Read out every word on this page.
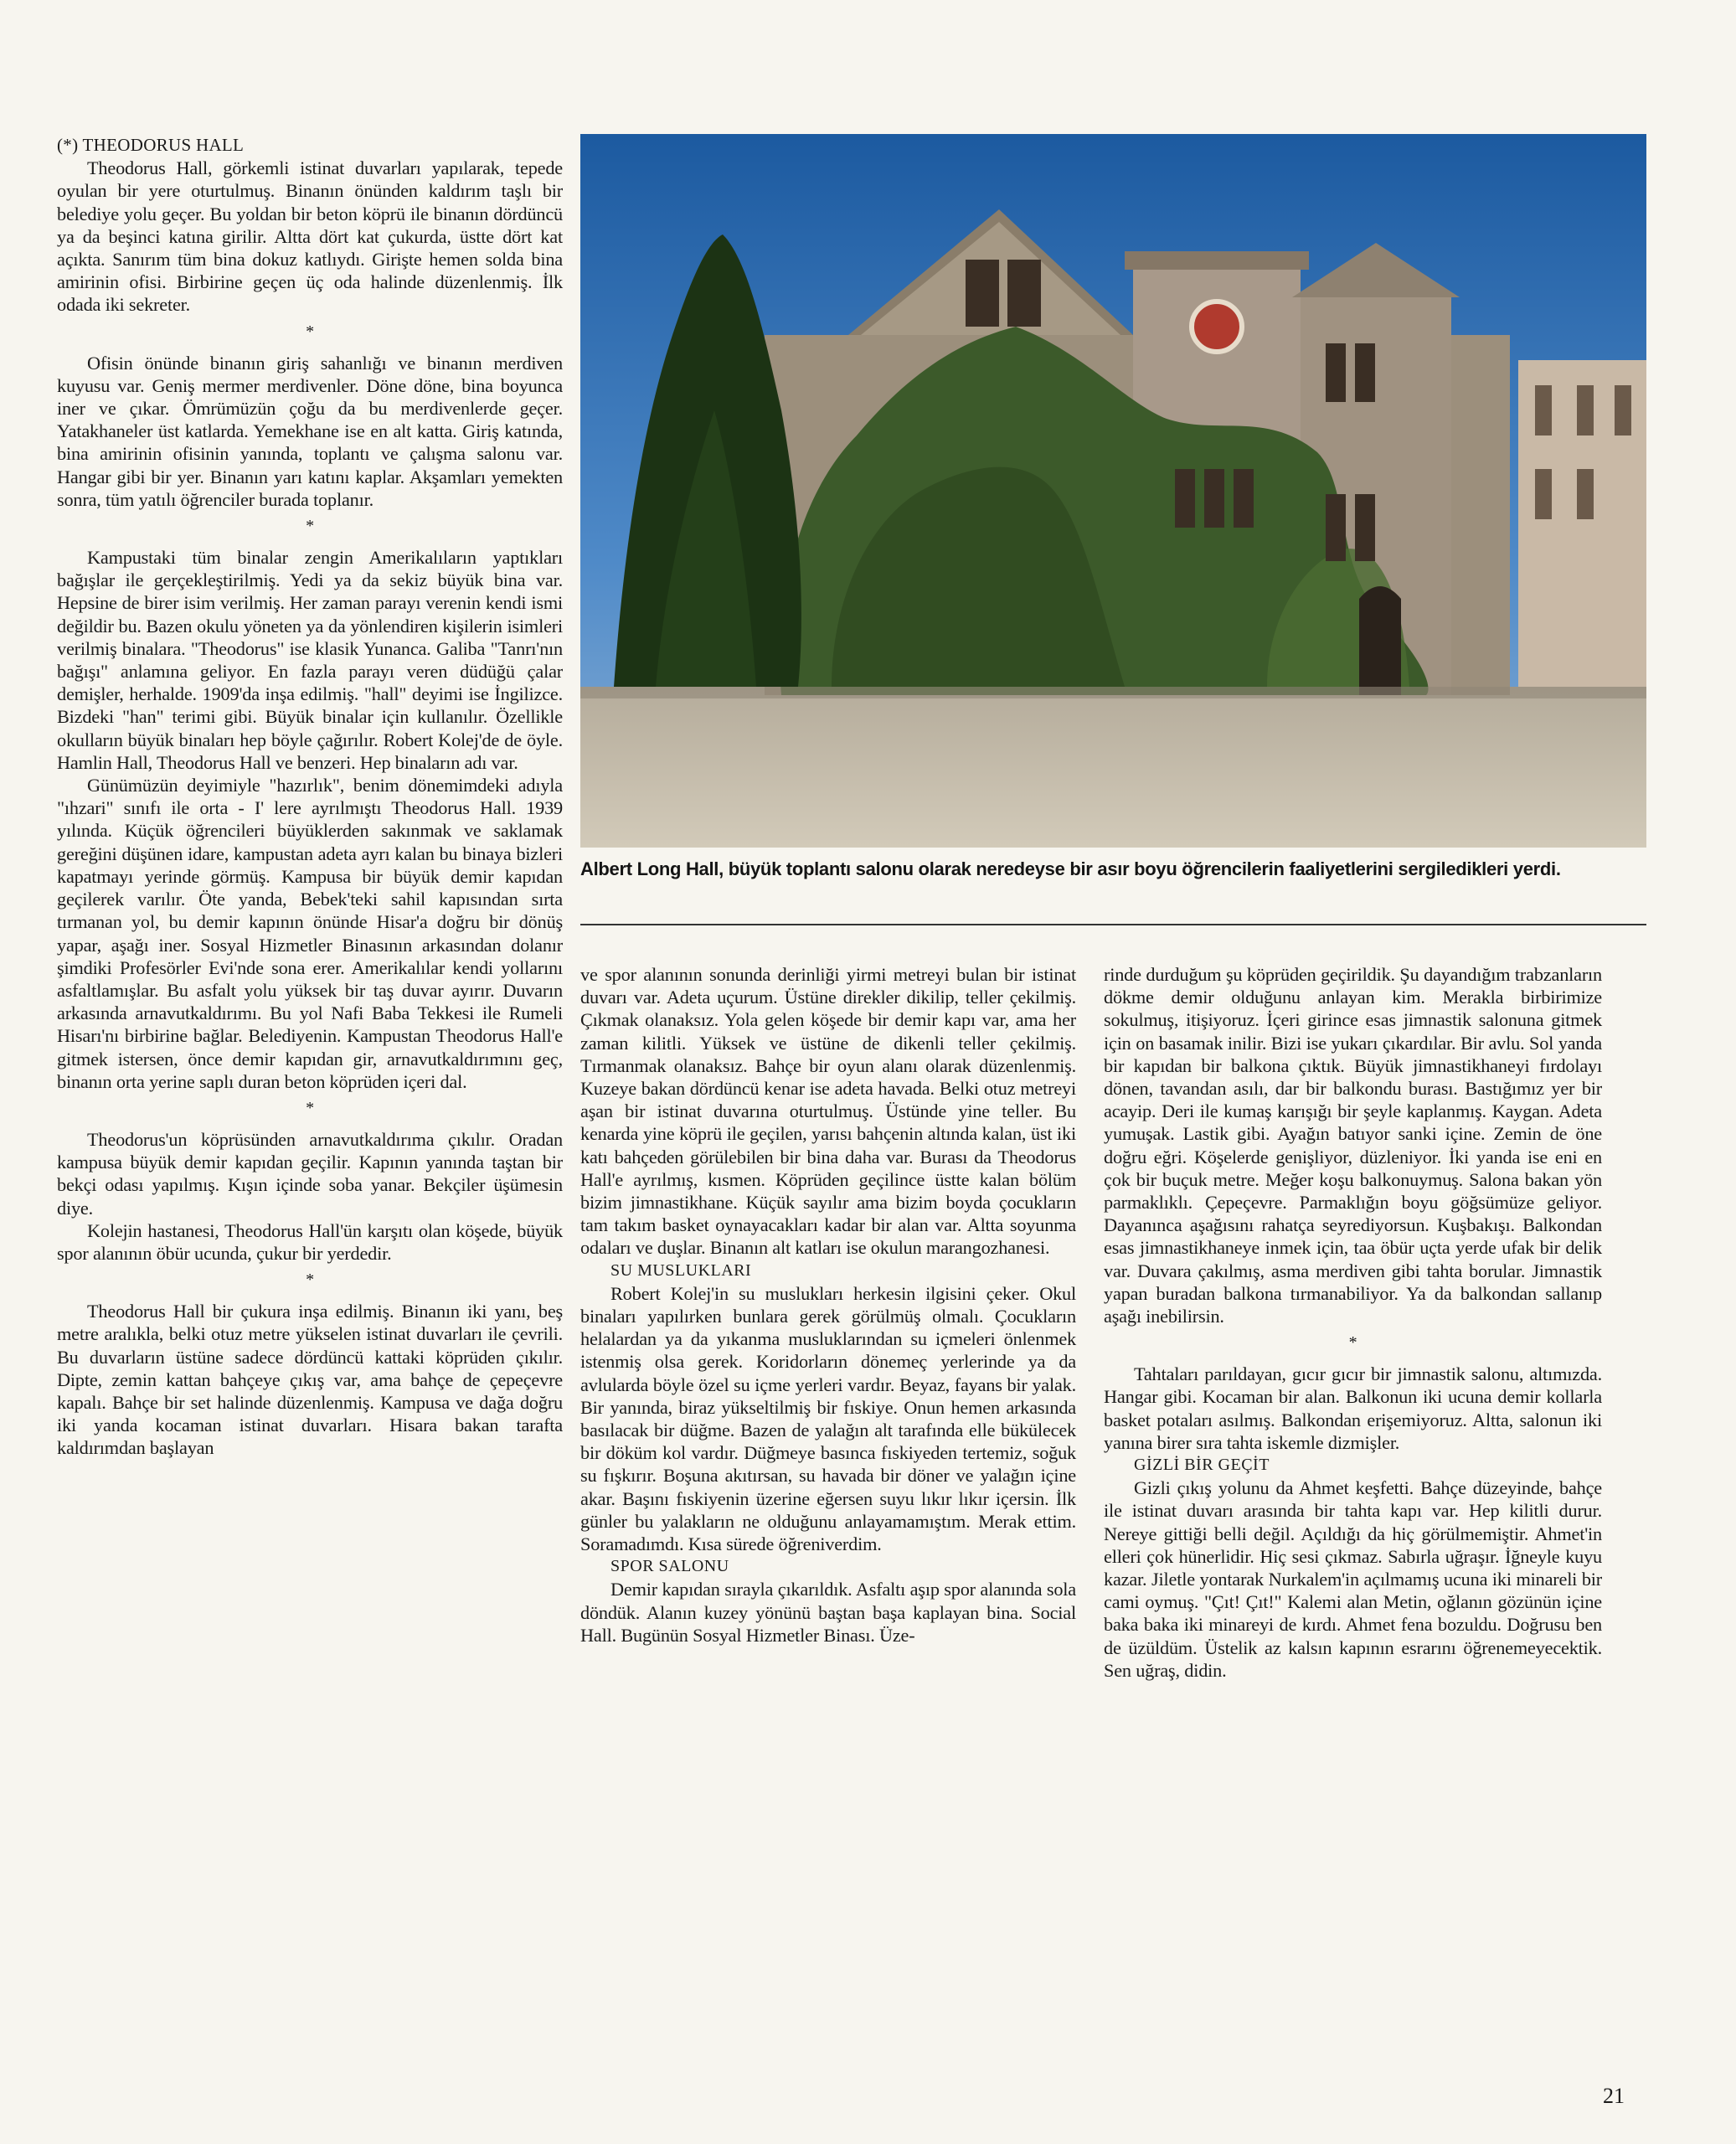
(*) THEODORUS HALL

Theodorus Hall, görkemli istinat duvarları yapılarak, tepede oyulan bir yere oturtulmuş. Binanın önünden kaldırım taşlı bir belediye yolu geçer. Bu yoldan bir beton köprü ile binanın dördüncü ya da beşinci katına girilir. Altta dört kat çukurda, üstte dört kat açıkta. Sanırım tüm bina dokuz katlıydı. Girişte hemen solda bina amirinin ofisi. Birbirine geçen üç oda halinde düzenlenmiş. İlk odada iki sekreter.

*

Ofisin önünde binanın giriş sahanlığı ve binanın merdiven kuyusu var. Geniş mermer merdivenler. Döne döne, bina boyunca iner ve çıkar. Ömrümüzün çoğu da bu merdivenlerde geçer. Yatakhaneler üst katlarda. Yemekhane ise en alt katta. Giriş katında, bina amirinin ofisinin yanında, toplantı ve çalışma salonu var. Hangar gibi bir yer. Binanın yarı katını kaplar. Akşamları yemekten sonra, tüm yatılı öğrenciler burada toplanır.

*

Kampustaki tüm binalar zengin Amerikalıların yaptıkları bağışlar ile gerçekleştirilmiş. Yedi ya da sekiz büyük bina var. Hepsine de birer isim verilmiş. Her zaman parayı verenin kendi ismi değildir bu. Bazen okulu yöneten ya da yönlendiren kişilerin isimleri verilmiş binalara. "Theodorus" ise klasik Yunanca. Galiba "Tanrı'nın bağışı" anlamına geliyor. En fazla parayı veren düdüğü çalar demişler, herhalde. 1909'da inşa edilmiş. "hall" deyimi ise İngilizce. Bizdeki "han" terimi gibi. Büyük binalar için kullanılır. Özellikle okulların büyük binaları hep böyle çağırılır. Robert Kolej'de de öyle. Hamlin Hall, Theodorus Hall ve benzeri. Hep binaların adı var.

Günümüzün deyimiyle "hazırlık", benim dönemimdeki adıyla "ıhzari" sınıfı ile orta - I' lere ayrılmıştı Theodorus Hall. 1939 yılında. Küçük öğrencileri büyüklerden sakınmak ve saklamak gereğini düşünen idare, kampustan adeta ayrı kalan bu binaya bizleri kapatmayı yerinde görmüş. Kampusa bir büyük demir kapıdan geçilerek varılır. Öte yanda, Bebek'teki sahil kapısından sırta tırmanan yol, bu demir kapının önünde Hisar'a doğru bir dönüş yapar, aşağı iner. Sosyal Hizmetler Binasının arkasından dolanır şimdiki Profesörler Evi'nde sona erer. Amerikalılar kendi yollarını asfaltlamışlar. Bu asfalt yolu yüksek bir taş duvar ayırır. Duvarın arkasında arnavutkaldırımı. Bu yol Nafi Baba Tekkesi ile Rumeli Hisarı'nı birbirine bağlar. Belediyenin. Kampustan Theodorus Hall'e gitmek istersen, önce demir kapıdan gir, arnavutkaldırımını geç, binanın orta yerine saplı duran beton köprüden içeri dal.

*

Theodorus'un köprüsünden arnavutkaldırıma çıkılır. Oradan kampusa büyük demir kapıdan geçilir. Kapının yanında taştan bir bekçi odası yapılmış. Kışın içinde soba yanar. Bekçiler üşümesin diye.

Kolejin hastanesi, Theodorus Hall'ün karşıtı olan köşede, büyük spor alanının öbür ucunda, çukur bir yerdedir.

*

Theodorus Hall bir çukura inşa edilmiş. Binanın iki yanı, beş metre aralıkla, belki otuz metre yükselen istinat duvarları ile çevrili. Bu duvarların üstüne sadece dördüncü kattaki köprüden çıkılır. Dipte, zemin kattan bahçeye çıkış var, ama bahçe de çepeçevre kapalı. Bahçe bir set halinde düzenlenmiş. Kampusa ve dağa doğru iki yanda kocaman istinat duvarları. Hisara bakan tarafta kaldırımdan başlayan

Albert Long Hall, büyük toplantı salonu olarak neredeyse bir asır boyu öğrencilerin faaliyetlerini sergiledikleri yerdi.

ve spor alanının sonunda derinliği yirmi metreyi bulan bir istinat duvarı var. Adeta uçurum. Üstüne direkler dikilip, teller çekilmiş. Çıkmak olanaksız. Yola gelen köşede bir demir kapı var, ama her zaman kilitli. Yüksek ve üstüne de dikenli teller çekilmiş. Tırmanmak olanaksız. Bahçe bir oyun alanı olarak düzenlenmiş. Kuzeye bakan dördüncü kenar ise adeta havada. Belki otuz metreyi aşan bir istinat duvarına oturtulmuş. Üstünde yine teller. Bu kenarda yine köprü ile geçilen, yarısı bahçenin altında kalan, üst iki katı bahçeden görülebilen bir bina daha var. Burası da Theodorus Hall'e ayrılmış, kısmen. Köprüden geçilince üstte kalan bölüm bizim jimnastikhane. Küçük sayılır ama bizim boyda çocukların tam takım basket oynayacakları kadar bir alan var. Altta soyunma odaları ve duşlar. Binanın alt katları ise okulun marangozhanesi.

SU MUSLUKLARI

Robert Kolej'in su muslukları herkesin ilgisini çeker. Okul binaları yapılırken bunlara gerek görülmüş olmalı. Çocukların helalardan ya da yıkanma musluklarından su içmeleri önlenmek istenmiş olsa gerek. Koridorların dönemeç yerlerinde ya da avlularda böyle özel su içme yerleri vardır. Beyaz, fayans bir yalak. Bir yanında, biraz yükseltilmiş bir fıskiye. Onun hemen arkasında basılacak bir düğme. Bazen de yalağın alt tarafında elle bükülecek bir döküm kol vardır. Düğmeye basınca fıskiyeden tertemiz, soğuk su fışkırır. Boşuna akıtırsan, su havada bir döner ve yalağın içine akar. Başını fıskiyenin üzerine eğersen suyu lıkır lıkır içersin. İlk günler bu yalakların ne olduğunu anlayamamıştım. Merak ettim. Soramadımdı. Kısa sürede öğreniverdim.

SPOR SALONU

Demir kapıdan sırayla çıkarıldık. Asfaltı aşıp spor alanında sola döndük. Alanın kuzey yönünü baştan başa kaplayan bina. Social Hall. Bugünün Sosyal Hizmetler Binası. Üze-

rinde durduğum şu köprüden geçirildik. Şu dayandığım trabzanların dökme demir olduğunu anlayan kim. Merakla birbirimize sokulmuş, itişiyoruz. İçeri girince esas jimnastik salonuna gitmek için on basamak inilir. Bizi ise yukarı çıkardılar. Bir avlu. Sol yanda bir kapıdan bir balkona çıktık. Büyük jimnastikhaneyi fırdolayı dönen, tavandan asılı, dar bir balkondu burası. Bastığımız yer bir acayip. Deri ile kumaş karışığı bir şeyle kaplanmış. Kaygan. Adeta yumuşak. Lastik gibi. Ayağın batıyor sanki içine. Zemin de öne doğru eğri. Köşelerde genişliyor, düzleniyor. İki yanda ise eni en çok bir buçuk metre. Meğer koşu balkonuymuş. Salona bakan yön parmaklıklı. Çepeçevre. Parmaklığın boyu göğsümüze geliyor. Dayanınca aşağısını rahatça seyrediyorsun. Kuşbakışı. Balkondan esas jimnastikhaneye inmek için, taa öbür uçta yerde ufak bir delik var. Duvara çakılmış, asma merdiven gibi tahta borular. Jimnastik yapan buradan balkona tırmanabiliyor. Ya da balkondan sallanıp aşağı inebilirsin.

*

Tahtaları parıldayan, gıcır gıcır bir jimnastik salonu, altımızda. Hangar gibi. Kocaman bir alan. Balkonun iki ucuna demir kollarla basket potaları asılmış. Balkondan erişemiyoruz. Altta, salonun iki yanına birer sıra tahta iskemle dizmişler.

GİZLİ BİR GEÇİT

Gizli çıkış yolunu da Ahmet keşfetti. Bahçe düzeyinde, bahçe ile istinat duvarı arasında bir tahta kapı var. Hep kilitli durur. Nereye gittiği belli değil. Açıldığı da hiç görülmemiştir. Ahmet'in elleri çok hünerlidir. Hiç sesi çıkmaz. Sabırla uğraşır. İğneyle kuyu kazar. Jiletle yontarak Nurkalem'in açılmamış ucuna iki minareli bir cami oymuş. "Çıt! Çıt!" Kalemi alan Metin, oğlanın gözünün içine baka baka iki minareyi de kırdı. Ahmet fena bozuldu. Doğrusu ben de üzüldüm. Üstelik az kalsın kapının esrarını öğrenemeyecektik. Sen uğraş, didin.

21
